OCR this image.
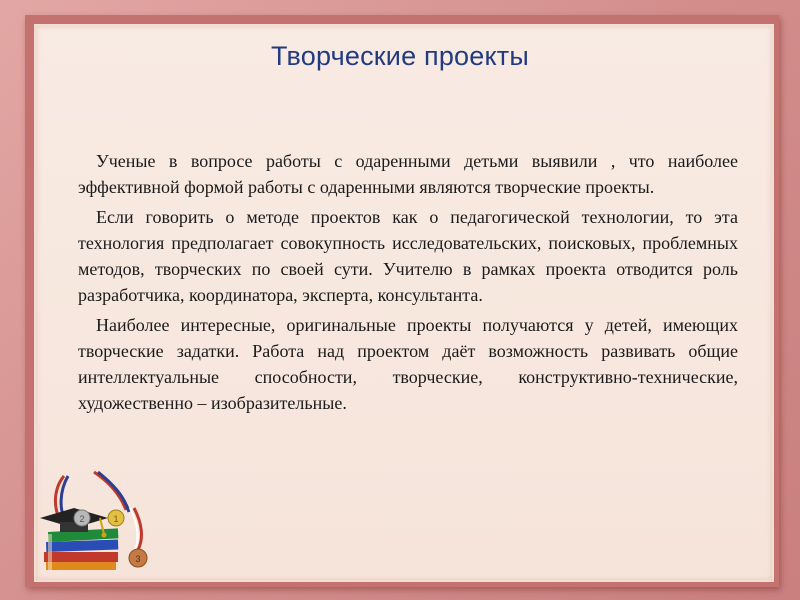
Творческие проекты

Ученые в вопросе работы с одаренными детьми выявили , что наиболее эффективной формой работы с одаренными являются творческие проекты.

Если говорить о методе проектов как о педагогической технологии, то эта технология предполагает совокупность исследовательских, поисковых, проблемных методов, творческих по своей сути. Учителю в рамках проекта отводится роль разработчика, координатора, эксперта, консультанта.

Наиболее интересные, оригинальные проекты получаются у детей, имеющих творческие задатки. Работа над проектом даёт возможность развивать общие интеллектуальные способности, творческие, конструктивно-технические, художественно – изобразительные.

2	1
3
